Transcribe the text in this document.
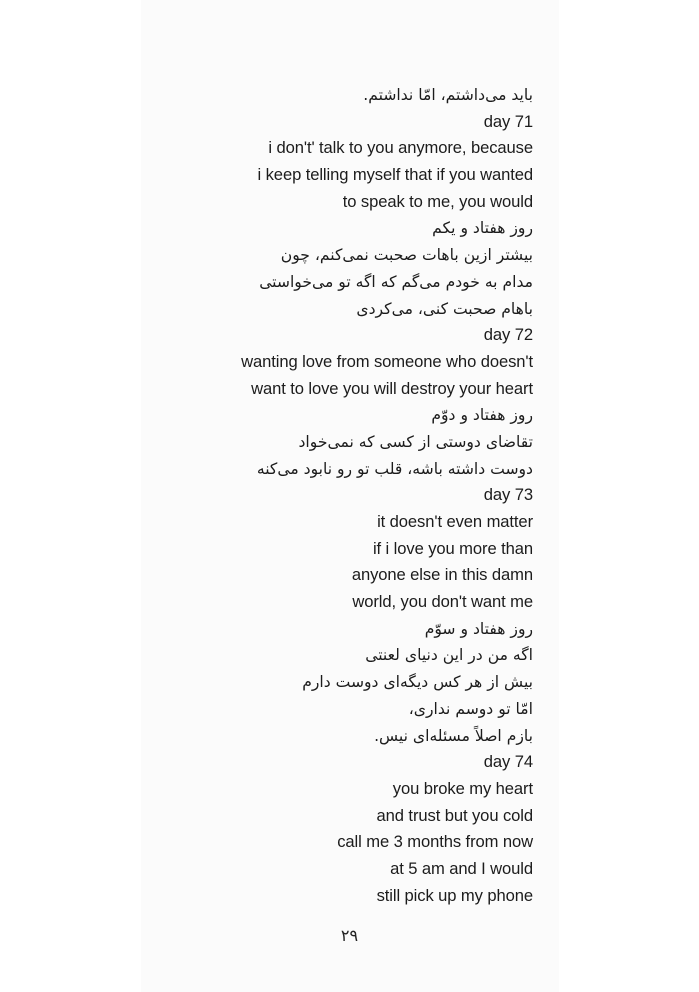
باید می‌داشتم، امّا نداشتم.
day 71
i don't' talk to you anymore, because
i keep telling myself that if you wanted
to speak to me, you would
روز هفتاد و یکم
بیشتر ازین باهات صحبت نمی‌کنم، چون
مدام به خودم می‌گم که اگه تو می‌خواستی
باهام صحبت کنی، می‌کردی
day 72
wanting love from someone who doesn't
want to love you will destroy your heart
روز هفتاد و دوّم
تقاضای دوستی از کسی که نمی‌خواد
دوست داشته باشه، قلب تو رو نابود می‌کنه
day 73
it doesn't even matter
if i love you more than
anyone else in this damn
world, you don't want me
روز هفتاد و سوّم
اگه من در این دنیای لعنتی
بیش از هر کس دیگه‌ای دوست دارم
امّا تو دوسم نداری،
بازم اصلاً مسئله‌ای نیس.
day 74
you broke my heart
and trust but you cold
call me 3 months from now
at 5 am and I would
still pick up my phone
۲۹
